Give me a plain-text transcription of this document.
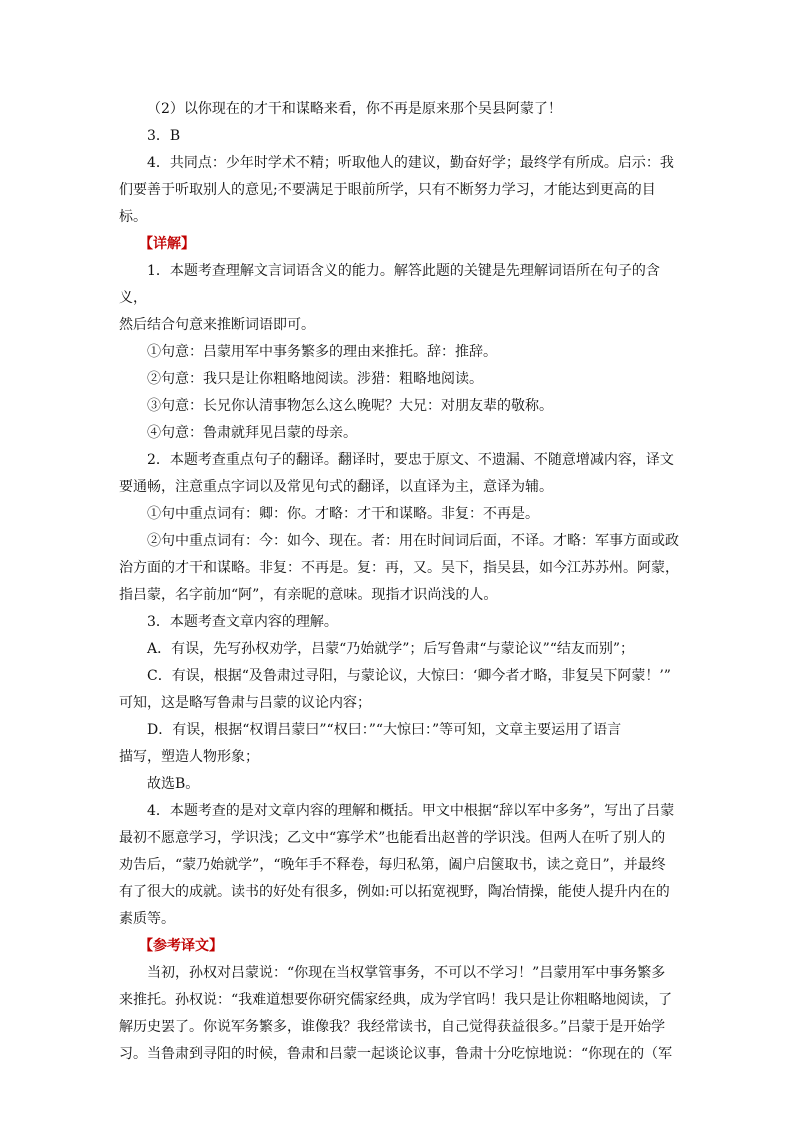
（2）以你现在的才干和谋略来看，你不再是原来那个吴县阿蒙了！

3．B

4．共同点：少年时学术不精；听取他人的建议，勤奋好学；最终学有所成。启示：我

们要善于听取别人的意见;不要满足于眼前所学，只有不断努力学习，才能达到更高的目标。

【详解】

1．本题考查理解文言词语含义的能力。解答此题的关键是先理解词语所在句子的含义，

然后结合句意来推断词语即可。

①句意：吕蒙用军中事务繁多的理由来推托。辞：推辞。

②句意：我只是让你粗略地阅读。涉猎：粗略地阅读。

③句意：长兄你认清事物怎么这么晚呢？大兄：对朋友辈的敬称。

④句意：鲁肃就拜见吕蒙的母亲。

2．本题考查重点句子的翻译。翻译时，要忠于原文、不遗漏、不随意增减内容，译文

要通畅，注意重点字词以及常见句式的翻译，以直译为主，意译为辅。

①句中重点词有：卿：你。才略：才干和谋略。非复：不再是。

②句中重点词有：今：如今、现在。者：用在时间词后面，不译。才略：军事方面或政

治方面的才干和谋略。非复：不再是。复：再，又。吴下，指吴县，如今江苏苏州。阿蒙，

指吕蒙，名字前加“阿”，有亲昵的意味。现指才识尚浅的人。

3．本题考查文章内容的理解。

A．有误，先写孙权劝学，吕蒙“乃始就学”；后写鲁肃“与蒙论议”“结友而别”；

C．有误，根据“及鲁肃过寻阳，与蒙论议，大惊曰：‘卿今者才略，非复吴下阿蒙！’”

可知，这是略写鲁肃与吕蒙的议论内容；

D．有误，根据“权谓吕蒙曰”“权曰：”“大惊曰：”等可知，文章主要运用了语言

描写，塑造人物形象；

故选B。

4．本题考查的是对文章内容的理解和概括。甲文中根据“辞以军中多务”，写出了吕蒙

最初不愿意学习，学识浅；乙文中“寡学术”也能看出赵普的学识浅。但两人在听了别人的

劝告后，“蒙乃始就学”，“晚年手不释卷，每归私第，阖户启箧取书，读之竟日”，并最终

有了很大的成就。读书的好处有很多，例如:可以拓宽视野，陶冶情操，能使人提升内在的

素质等。

【参考译文】

当初，孙权对吕蒙说：“你现在当权掌管事务，不可以不学习！”吕蒙用军中事务繁多

来推托。孙权说：“我难道想要你研究儒家经典，成为学官吗！我只是让你粗略地阅读，了

解历史罢了。你说军务繁多，谁像我？我经常读书，自己觉得获益很多。”吕蒙于是开始学

习。当鲁肃到寻阳的时候，鲁肃和吕蒙一起谈论议事，鲁肃十分吃惊地说：“你现在的（军
